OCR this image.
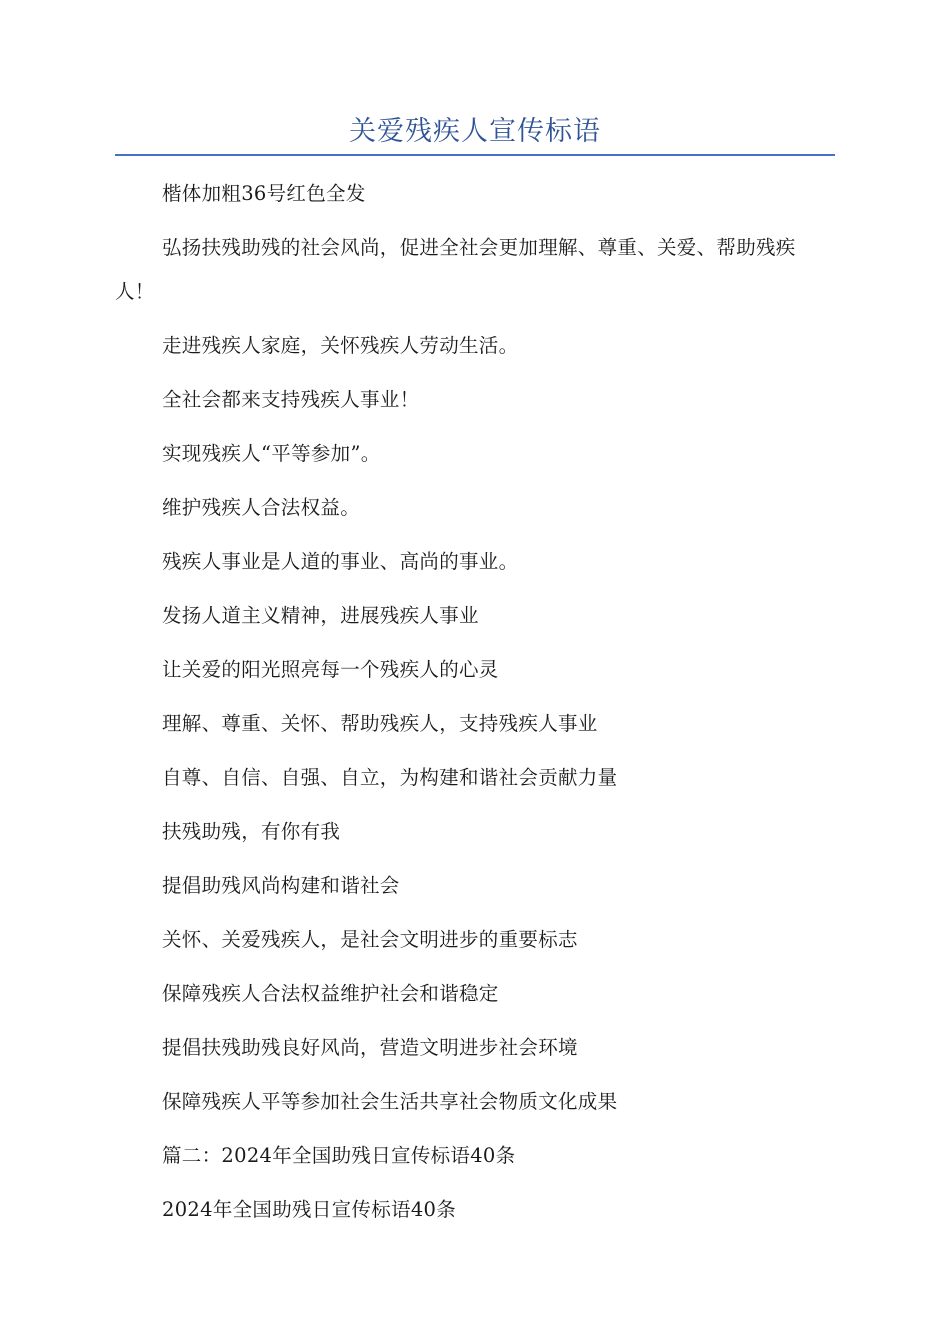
关爱残疾人宣传标语

楷体加粗36号红色全发

弘扬扶残助残的社会风尚，促进全社会更加理解、尊重、关爱、帮助残疾人！

走进残疾人家庭，关怀残疾人劳动生活。

全社会都来支持残疾人事业！

实现残疾人“平等参加”。

维护残疾人合法权益。

残疾人事业是人道的事业、高尚的事业。

发扬人道主义精神，进展残疾人事业

让关爱的阳光照亮每一个残疾人的心灵

理解、尊重、关怀、帮助残疾人，支持残疾人事业

自尊、自信、自强、自立，为构建和谐社会贡献力量

扶残助残，有你有我

提倡助残风尚构建和谐社会

关怀、关爱残疾人，是社会文明进步的重要标志

保障残疾人合法权益维护社会和谐稳定

提倡扶残助残良好风尚，营造文明进步社会环境

保障残疾人平等参加社会生活共享社会物质文化成果

篇二：2024年全国助残日宣传标语40条

2024年全国助残日宣传标语40条
